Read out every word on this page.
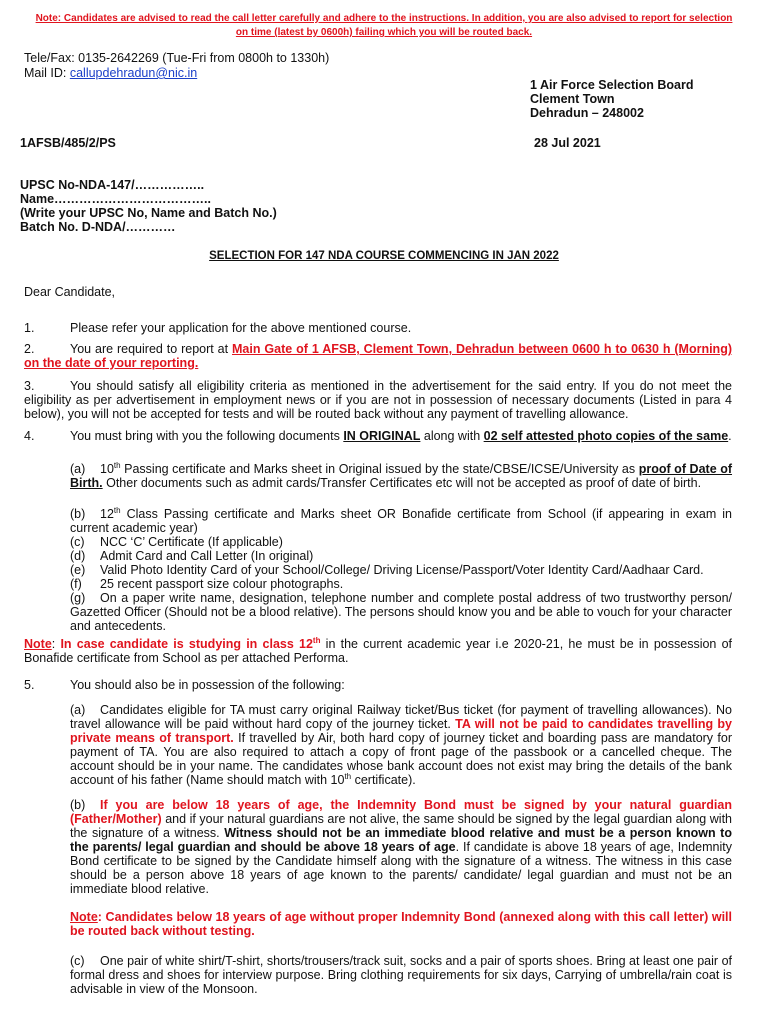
Note: Candidates are advised to read the call letter carefully and adhere to the instructions. In addition, you are also advised to report for selection on time (latest by 0600h) failing which you will be routed back.
Tele/Fax: 0135-2642269 (Tue-Fri from 0800h to 1330h)
Mail ID: callupdehradun@nic.in
1 Air Force Selection Board
Clement Town
Dehradun – 248002
1AFSB/485/2/PS	28 Jul 2021
UPSC No-NDA-147/……………..
Name………………………………..
(Write your UPSC No, Name and Batch No.)
Batch No. D-NDA/…………
SELECTION FOR 147 NDA COURSE COMMENCING IN JAN 2022
Dear Candidate,
1.	Please refer your application for the above mentioned course.
2.	You are required to report at Main Gate of 1 AFSB, Clement Town, Dehradun between 0600 h to 0630 h (Morning) on the date of your reporting.
3.	You should satisfy all eligibility criteria as mentioned in the advertisement for the said entry. If you do not meet the eligibility as per advertisement in employment news or if you are not in possession of necessary documents (Listed in para 4 below), you will not be accepted for tests and will be routed back without any payment of travelling allowance.
4.	You must bring with you the following documents IN ORIGINAL along with 02 self attested photo copies of the same.
(a) 10th Passing certificate and Marks sheet in Original issued by the state/CBSE/ICSE/University as proof of Date of Birth. Other documents such as admit cards/Transfer Certificates etc will not be accepted as proof of date of birth.
(b) 12th Class Passing certificate and Marks sheet OR Bonafide certificate from School (if appearing in exam in current academic year)
(c) NCC ‘C’ Certificate (If applicable)
(d) Admit Card and Call Letter (In original)
(e) Valid Photo Identity Card of your School/College/ Driving License/Passport/Voter Identity Card/Aadhaar Card.
(f) 25 recent passport size colour photographs.
(g) On a paper write name, designation, telephone number and complete postal address of two trustworthy person/ Gazetted Officer (Should not be a blood relative). The persons should know you and be able to vouch for your character and antecedents.
Note: In case candidate is studying in class 12th in the current academic year i.e 2020-21, he must be in possession of Bonafide certificate from School as per attached Performa.
5.	You should also be in possession of the following:
(a) Candidates eligible for TA must carry original Railway ticket/Bus ticket (for payment of travelling allowances). No travel allowance will be paid without hard copy of the journey ticket. TA will not be paid to candidates travelling by private means of transport. If travelled by Air, both hard copy of journey ticket and boarding pass are mandatory for payment of TA. You are also required to attach a copy of front page of the passbook or a cancelled cheque. The account should be in your name. The candidates whose bank account does not exist may bring the details of the bank account of his father (Name should match with 10th certificate).
(b) If you are below 18 years of age, the Indemnity Bond must be signed by your natural guardian (Father/Mother) and if your natural guardians are not alive, the same should be signed by the legal guardian along with the signature of a witness. Witness should not be an immediate blood relative and must be a person known to the parents/ legal guardian and should be above 18 years of age. If candidate is above 18 years of age, Indemnity Bond certificate to be signed by the Candidate himself along with the signature of a witness. The witness in this case should be a person above 18 years of age known to the parents/ candidate/ legal guardian and must not be an immediate blood relative.
Note: Candidates below 18 years of age without proper Indemnity Bond (annexed along with this call letter) will be routed back without testing.
(c) One pair of white shirt/T-shirt, shorts/trousers/track suit, socks and a pair of sports shoes. Bring at least one pair of formal dress and shoes for interview purpose. Bring clothing requirements for six days, Carrying of umbrella/rain coat is advisable in view of the Monsoon.
